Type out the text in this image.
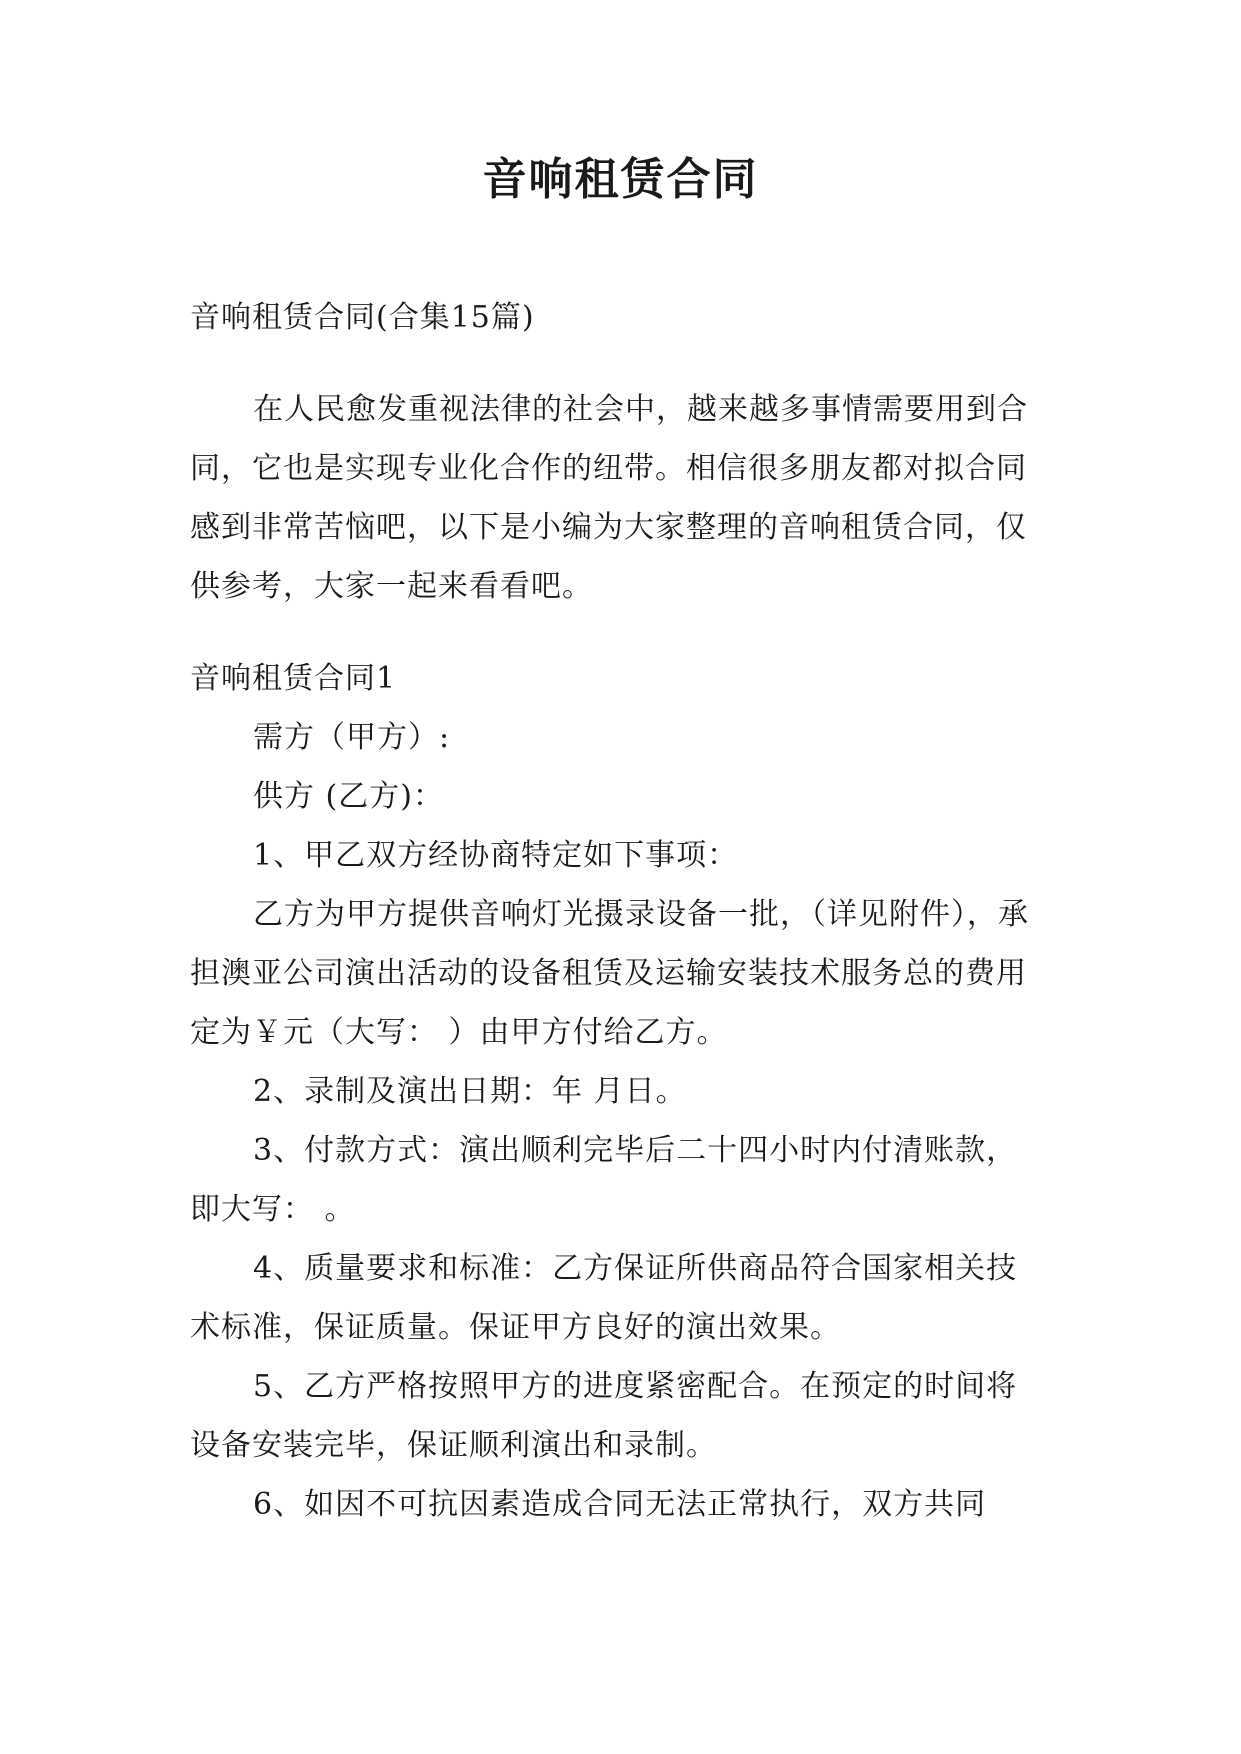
音响租赁合同

音响租赁合同(合集15篇)

在人民愈发重视法律的社会中，越来越多事情需要用到合同，它也是实现专业化合作的纽带。相信很多朋友都对拟合同感到非常苦恼吧，以下是小编为大家整理的音响租赁合同，仅供参考，大家一起来看看吧。

音响租赁合同1

需方（甲方）:

供方 (乙方)：

1、甲乙双方经协商特定如下事项：

乙方为甲方提供音响灯光摄录设备一批，（详见附件），承担澳亚公司演出活动的设备租赁及运输安装技术服务总的费用定为￥元（大写： ）由甲方付给乙方。

2、录制及演出日期：年 月日。

3、付款方式：演出顺利完毕后二十四小时内付清账款，即大写： 。

4、质量要求和标准：乙方保证所供商品符合国家相关技术标准，保证质量。保证甲方良好的演出效果。

5、乙方严格按照甲方的进度紧密配合。在预定的时间将设备安装完毕，保证顺利演出和录制。

6、如因不可抗因素造成合同无法正常执行，双方共同
